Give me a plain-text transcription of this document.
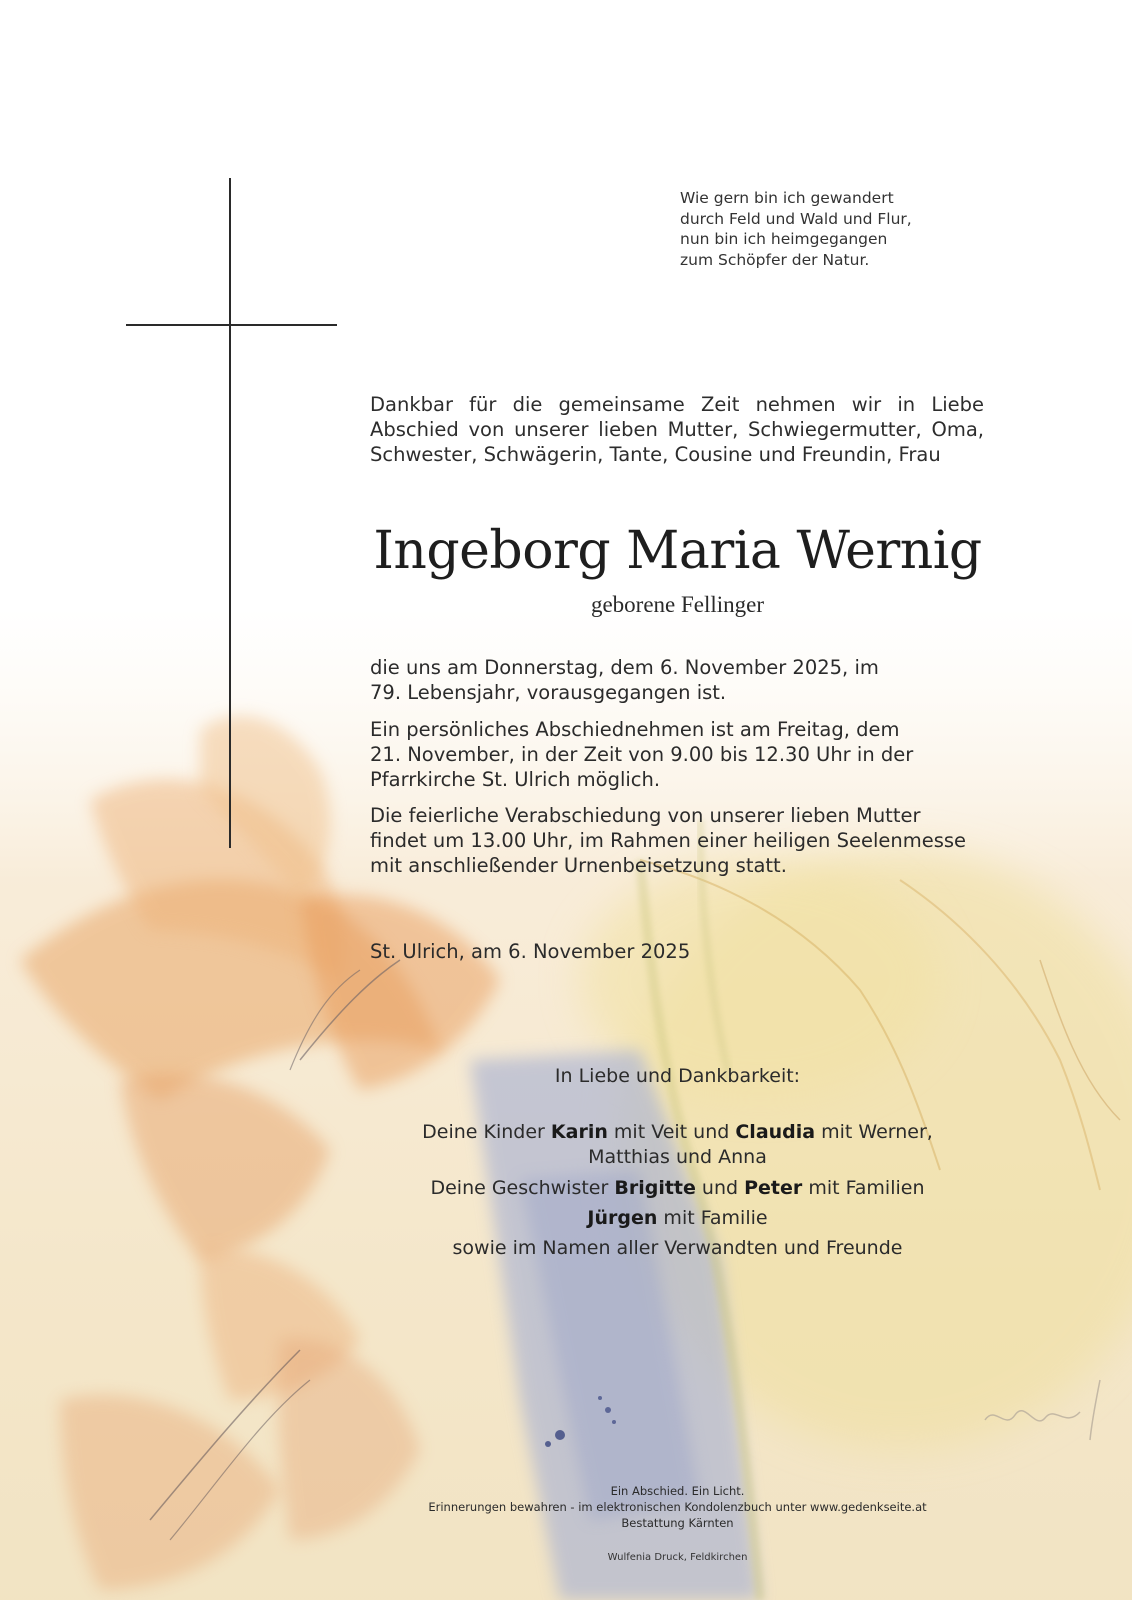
Wie gern bin ich gewandert
durch Feld und Wald und Flur,
nun bin ich heimgegangen
zum Schöpfer der Natur.
Dankbar für die gemeinsame Zeit nehmen wir in Liebe
Abschied von unserer lieben Mutter, Schwiegermutter, Oma,
Schwester, Schwägerin, Tante, Cousine und Freundin, Frau
Ingeborg Maria Wernig
geborene Fellinger
die uns am Donnerstag, dem 6. November 2025, im
79. Lebensjahr, vorausgegangen ist.
Ein persönliches Abschiednehmen ist am Freitag, dem
21. November, in der Zeit von 9.00 bis 12.30 Uhr in der
Pfarrkirche St. Ulrich möglich.
Die feierliche Verabschiedung von unserer lieben Mutter
findet um 13.00 Uhr, im Rahmen einer heiligen Seelenmesse
mit anschließender Urnenbeisetzung statt.
St. Ulrich, am 6. November 2025
In Liebe und Dankbarkeit:
Deine Kinder Karin mit Veit und Claudia mit Werner,
Matthias und Anna
Deine Geschwister Brigitte und Peter mit Familien
Jürgen mit Familie
sowie im Namen aller Verwandten und Freunde
Ein Abschied. Ein Licht.
Erinnerungen bewahren - im elektronischen Kondolenzbuch unter www.gedenkseite.at
Bestattung Kärnten
Wulfenia Druck, Feldkirchen
